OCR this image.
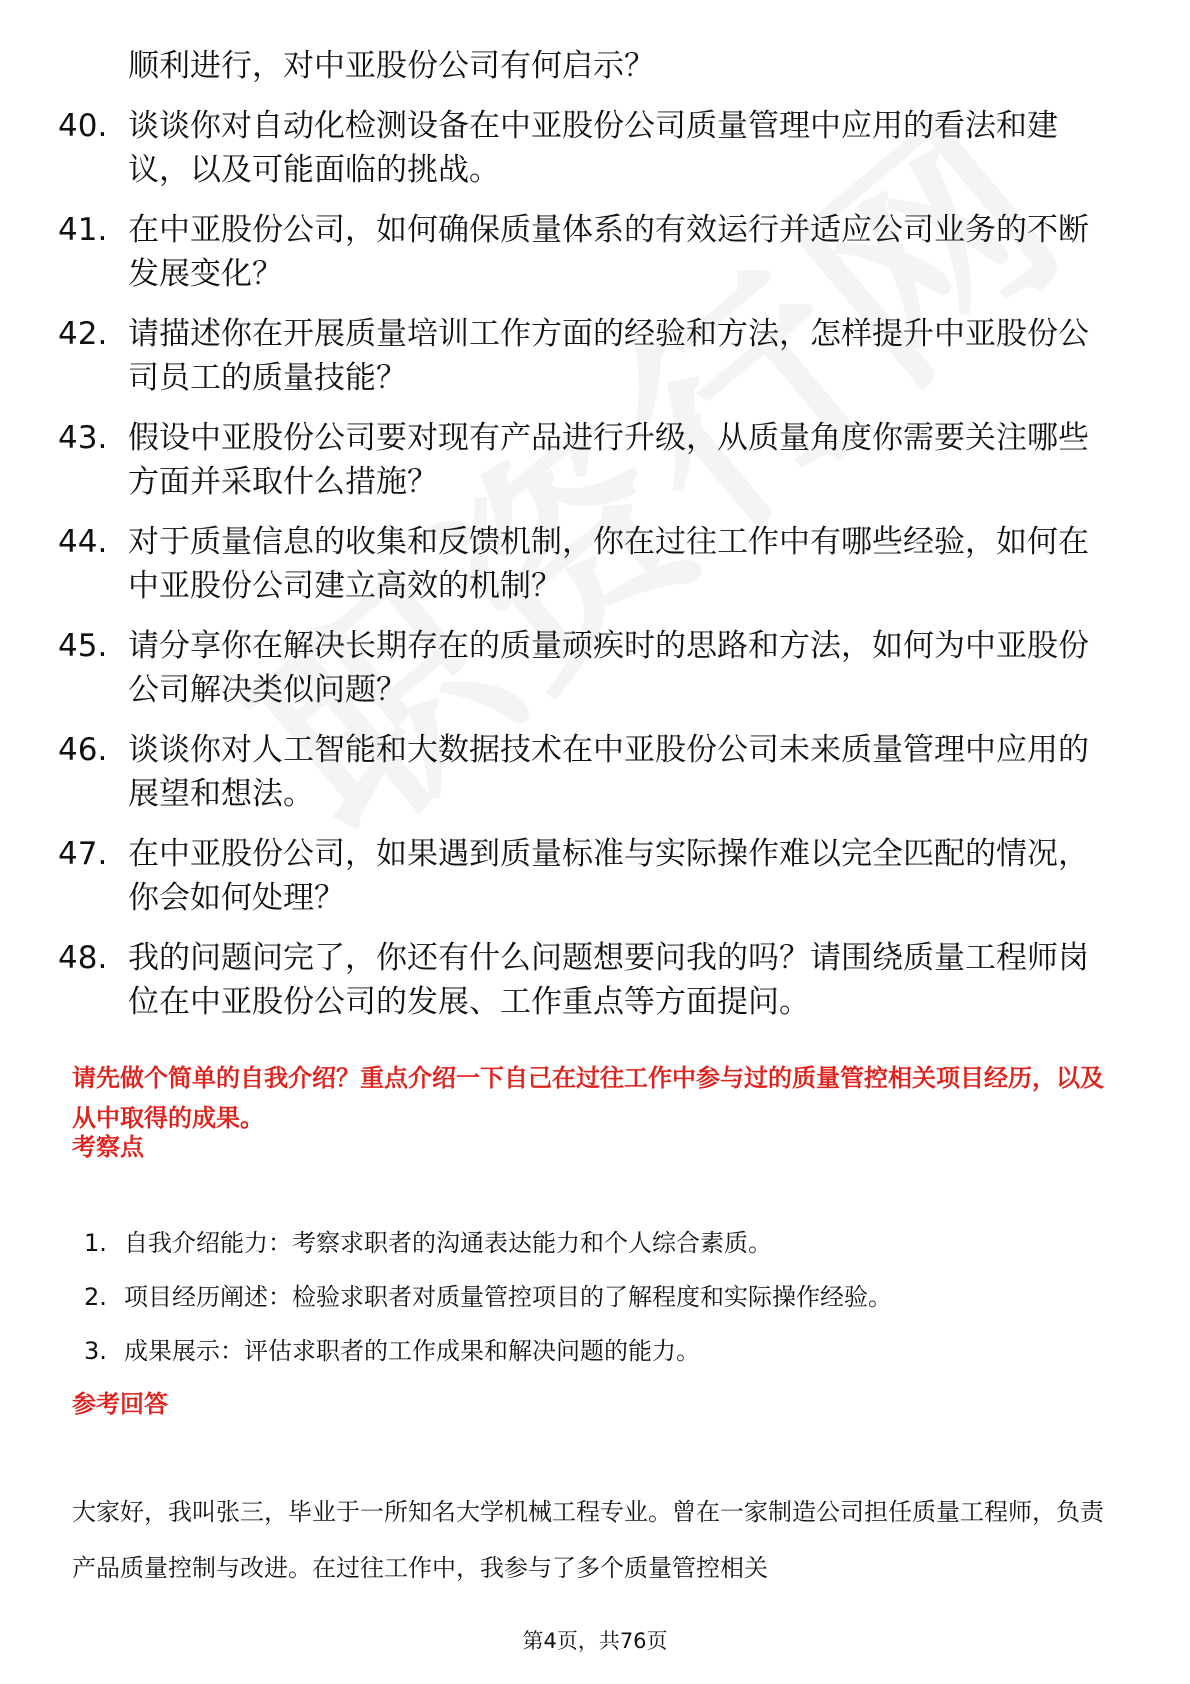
顺利进行，对中亚股份公司有何启示？
40. 谈谈你对自动化检测设备在中亚股份公司质量管理中应用的看法和建议，以及可能面临的挑战。
41. 在中亚股份公司，如何确保质量体系的有效运行并适应公司业务的不断发展变化？
42. 请描述你在开展质量培训工作方面的经验和方法，怎样提升中亚股份公司员工的质量技能？
43. 假设中亚股份公司要对现有产品进行升级，从质量角度你需要关注哪些方面并采取什么措施？
44. 对于质量信息的收集和反馈机制，你在过往工作中有哪些经验，如何在中亚股份公司建立高效的机制？
45. 请分享你在解决长期存在的质量顽疾时的思路和方法，如何为中亚股份公司解决类似问题？
46. 谈谈你对人工智能和大数据技术在中亚股份公司未来质量管理中应用的展望和想法。
47. 在中亚股份公司，如果遇到质量标准与实际操作难以完全匹配的情况，你会如何处理？
48. 我的问题问完了，你还有什么问题想要问我的吗？请围绕质量工程师岗位在中亚股份公司的发展、工作重点等方面提问。
请先做个简单的自我介绍？重点介绍一下自己在过往工作中参与过的质量管控相关项目经历，以及从中取得的成果。
考察点
1. 自我介绍能力：考察求职者的沟通表达能力和个人综合素质。
2. 项目经历阐述：检验求职者对质量管控项目的了解程度和实际操作经验。
3. 成果展示：评估求职者的工作成果和解决问题的能力。
参考回答
大家好，我叫张三，毕业于一所知名大学机械工程专业。曾在一家制造公司担任质量工程师，负责产品质量控制与改进。在过往工作中，我参与了多个质量管控相关
第4页，共76页
